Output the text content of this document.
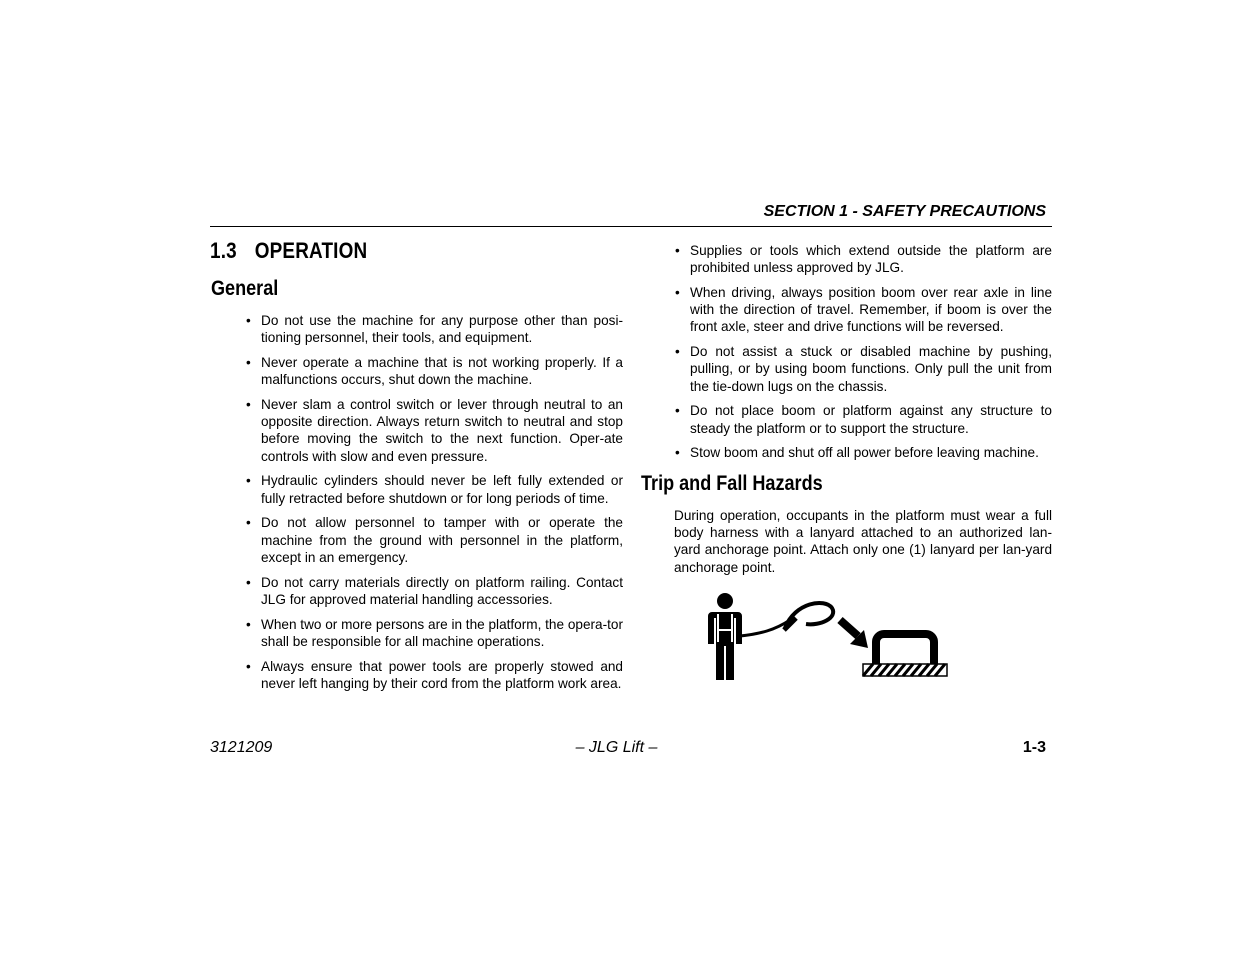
SECTION 1 - SAFETY PRECAUTIONS
1.3 OPERATION
General
• Do not use the machine for any purpose other than posi-tioning personnel, their tools, and equipment.
• Never operate a machine that is not working properly. If a malfunctions occurs, shut down the machine.
• Never slam a control switch or lever through neutral to an opposite direction. Always return switch to neutral and stop before moving the switch to the next function. Oper-ate controls with slow and even pressure.
• Hydraulic cylinders should never be left fully extended or fully retracted before shutdown or for long periods of time.
• Do not allow personnel to tamper with or operate the machine from the ground with personnel in the platform, except in an emergency.
• Do not carry materials directly on platform railing. Contact JLG for approved material handling accessories.
• When two or more persons are in the platform, the opera-tor shall be responsible for all machine operations.
• Always ensure that power tools are properly stowed and never left hanging by their cord from the platform work area.
• Supplies or tools which extend outside the platform are prohibited unless approved by JLG.
• When driving, always position boom over rear axle in line with the direction of travel. Remember, if boom is over the front axle, steer and drive functions will be reversed.
• Do not assist a stuck or disabled machine by pushing, pulling, or by using boom functions. Only pull the unit from the tie-down lugs on the chassis.
• Do not place boom or platform against any structure to steady the platform or to support the structure.
• Stow boom and shut off all power before leaving machine.
Trip and Fall Hazards

During operation, occupants in the platform must wear a full body harness with a lanyard attached to an authorized lan-yard anchorage point. Attach only one (1) lanyard per lan-yard anchorage point.

3121209	– JLG Lift –	1-3
